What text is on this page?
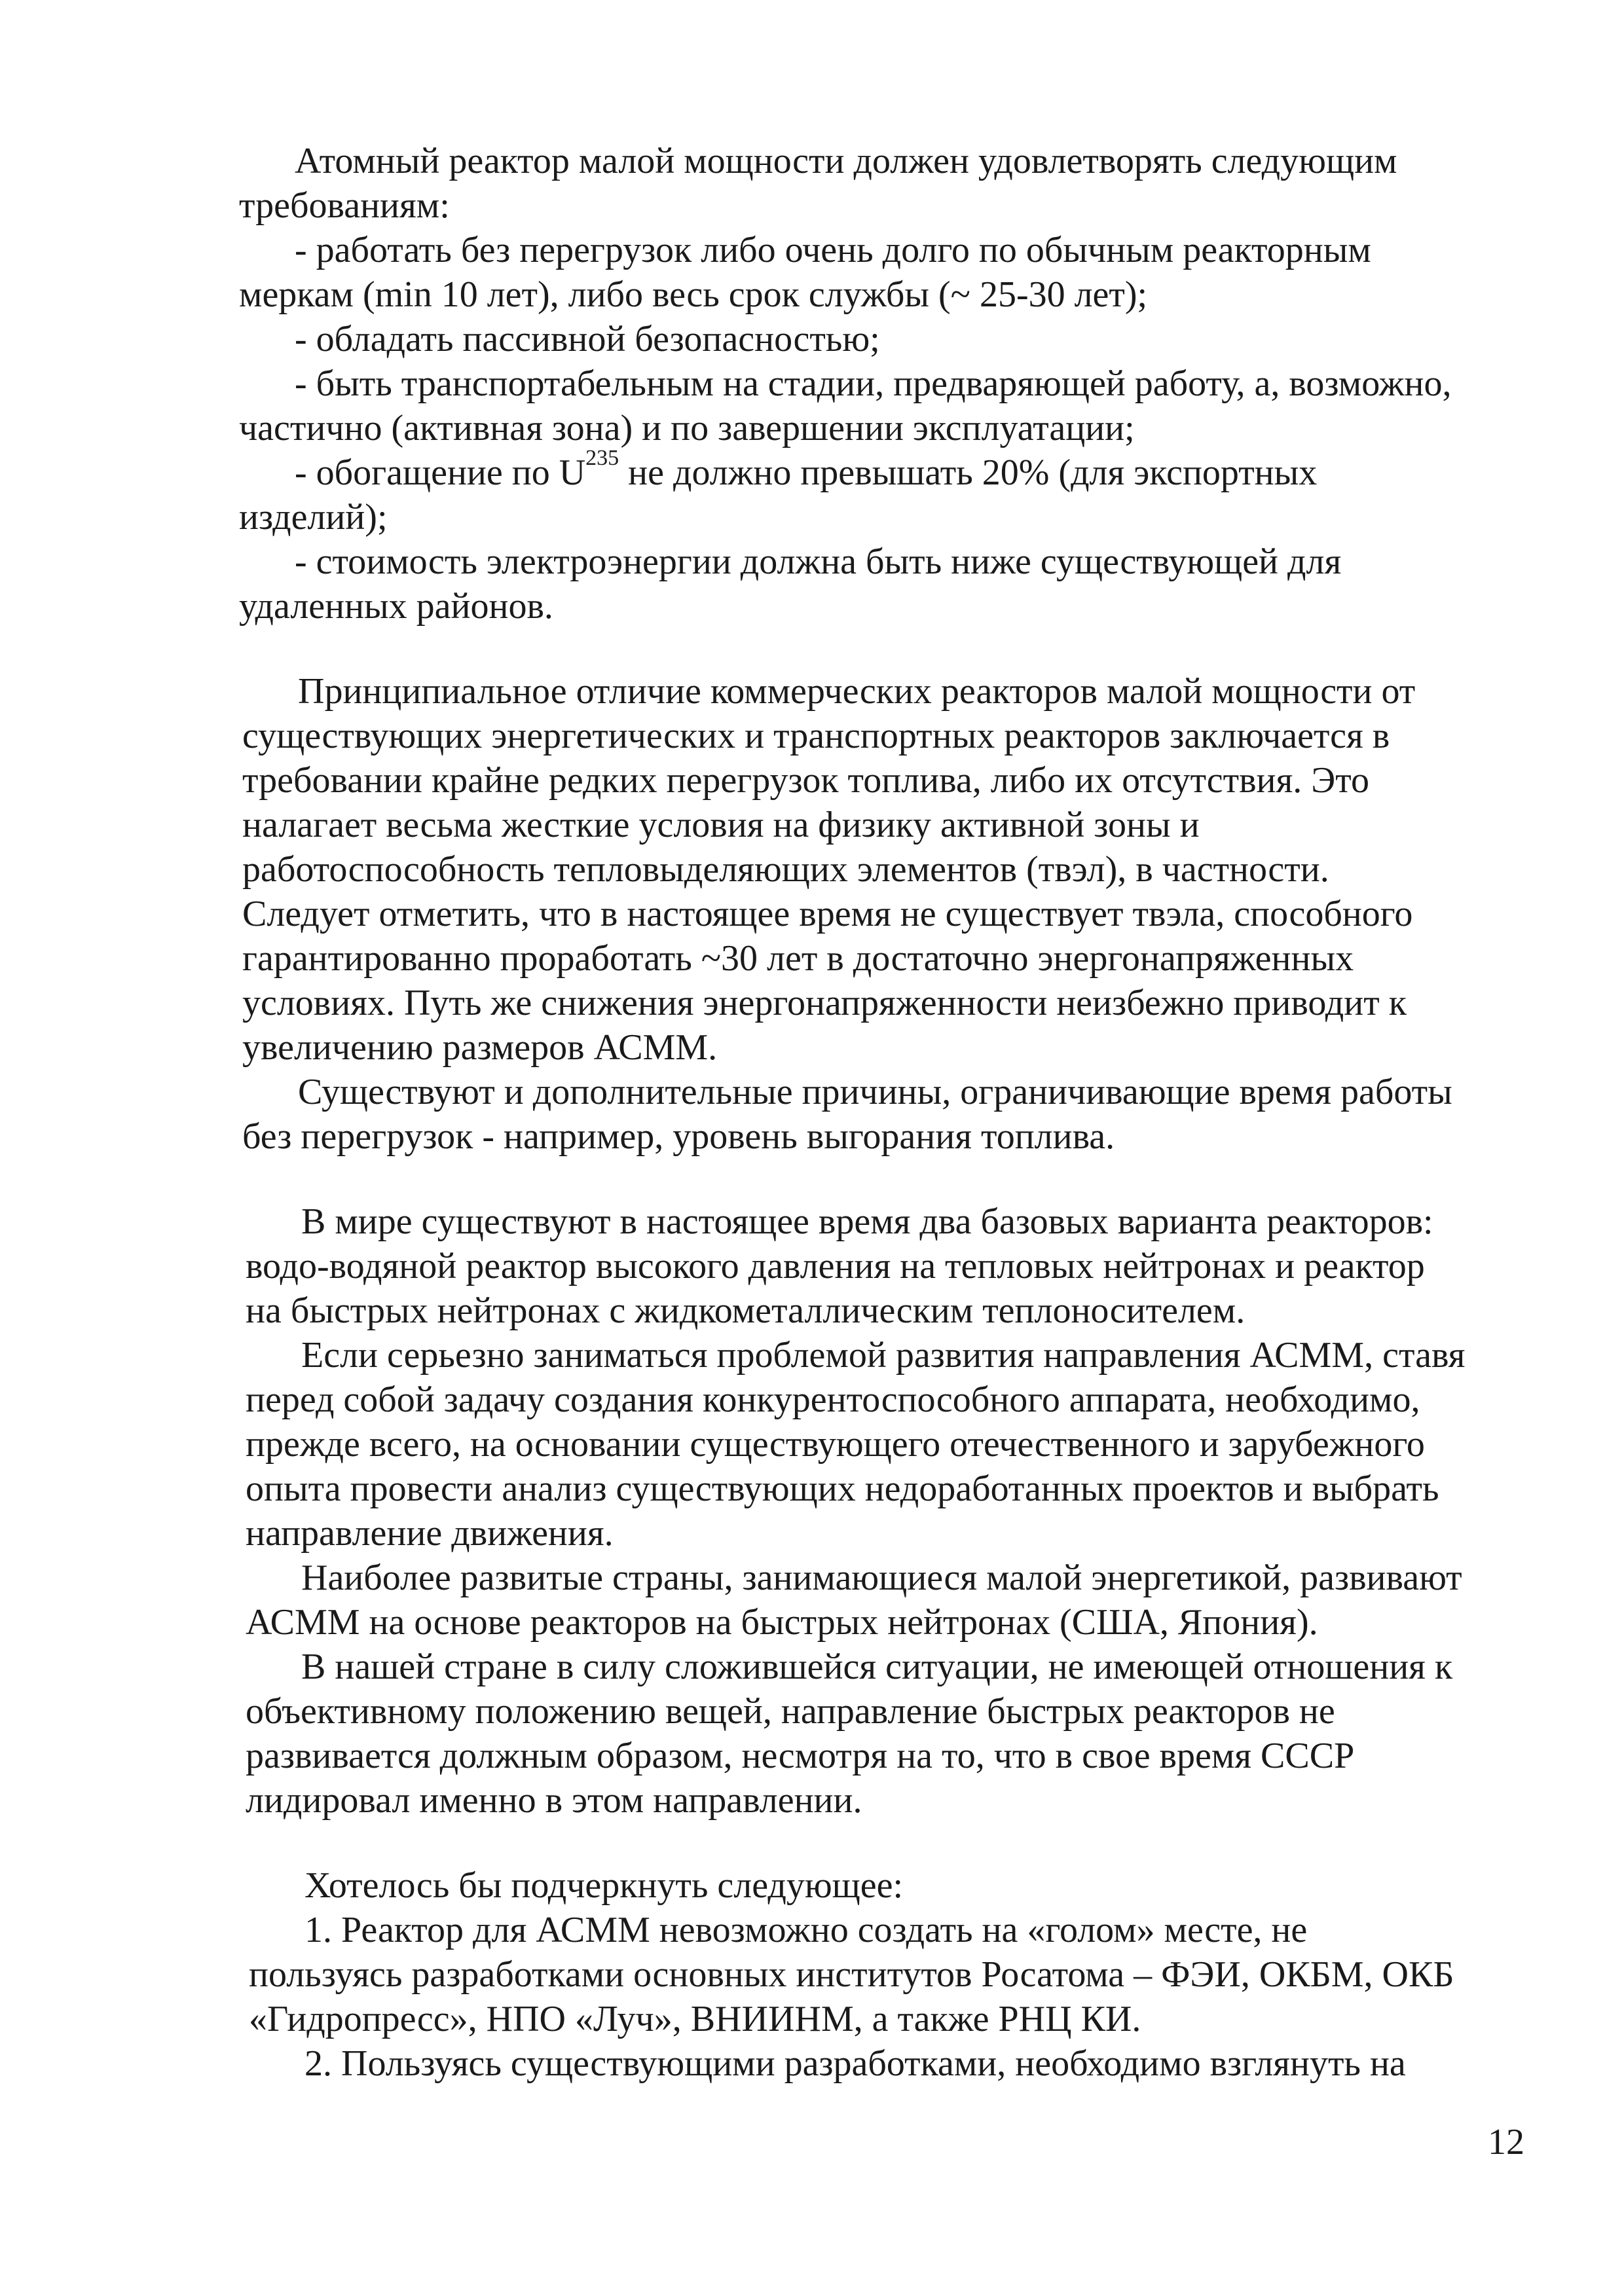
Атомный реактор малой мощности должен удовлетворять следующим

требованиям:

- работать без перегрузок либо очень долго по обычным реакторным

меркам (min 10 лет), либо весь срок службы (~ 25-30 лет);

- обладать пассивной безопасностью;

- быть транспортабельным на стадии, предваряющей работу, а, возможно,

частично (активная зона) и по завершении эксплуатации;

- обогащение по $U^{235}$ не должно превышать 20% (для экспортных

изделий);

- стоимость электроэнергии должна быть ниже существующей для

удаленных районов.

Принципиальное отличие коммерческих реакторов малой мощности от

существующих энергетических и транспортных реакторов заключается в

требовании крайне редких перегрузок топлива, либо их отсутствия. Это

налагает весьма жесткие условия на физику активной зоны и

работоспособность тепловыделяющих элементов (твэл), в частности.

Следует отметить, что в настоящее время не существует твэла, способного

гарантированно проработать ~30 лет в достаточно энергонапряженных

условиях. Путь же снижения энергонапряженности неизбежно приводит к

увеличению размеров АСММ.

Существуют и дополнительные причины, ограничивающие время работы

без перегрузок - например, уровень выгорания топлива.

В мире существуют в настоящее время два базовых варианта реакторов:

водо-водяной реактор высокого давления на тепловых нейтронах и реактор

на быстрых нейтронах с жидкометаллическим теплоносителем.

Если серьезно заниматься проблемой развития направления АСММ, ставя

перед собой задачу создания конкурентоспособного аппарата, необходимо,

прежде всего, на основании существующего отечественного и зарубежного

опыта провести анализ существующих недоработанных проектов и выбрать

направление движения.

Наиболее развитые страны, занимающиеся малой энергетикой, развивают

АСММ на основе реакторов на быстрых нейтронах (США, Япония).

В нашей стране в силу сложившейся ситуации, не имеющей отношения к

объективному положению вещей, направление быстрых реакторов не

развивается должным образом, несмотря на то, что в свое время СССР

лидировал именно в этом направлении.

Хотелось бы подчеркнуть следующее:

1. Реактор для АСММ невозможно создать на «голом» месте, не

пользуясь разработками основных институтов Росатома – ФЭИ, ОКБМ, ОКБ

«Гидропресс», НПО «Луч», ВНИИНМ, а также РНЦ КИ.

2. Пользуясь существующими разработками, необходимо взглянуть на

12
